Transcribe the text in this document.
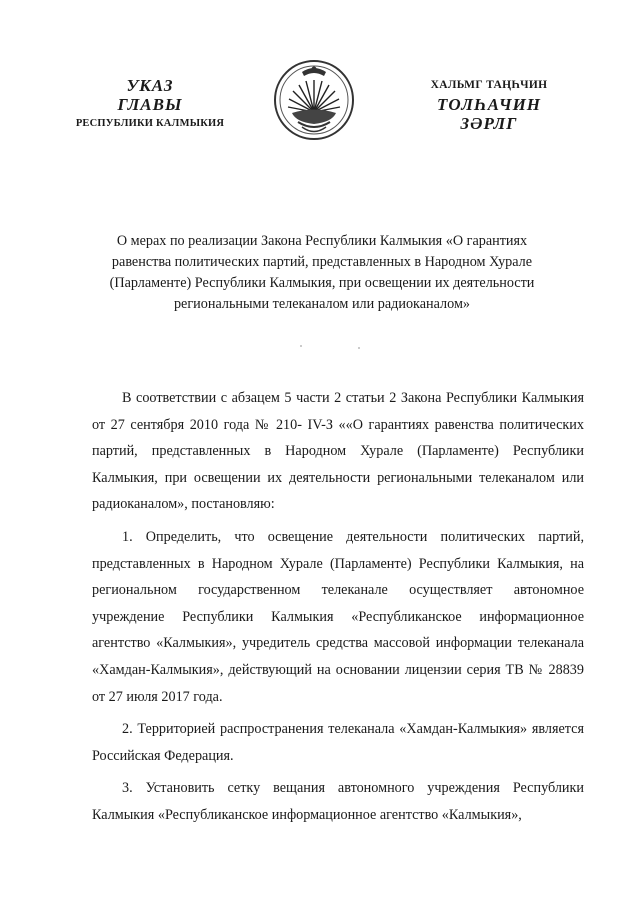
УКАЗ
ГЛАВЫ
РЕСПУБЛИКИ КАЛМЫКИЯ
ХАЛЬМГ ТАҢҺЧИН
ТОЛҺАЧИН
ЗӘРЛГ
О мерах по реализации Закона Республики Калмыкия «О гарантиях
равенства политических партий, представленных в Народном Хурале
(Парламенте) Республики Калмыкия, при освещении их деятельности
региональными телеканалом или радиоканалом»

В соответствии с абзацем 5 части 2 статьи 2 Закона Республики Калмыкия от 27 сентября 2010 года № 210- IV-З ««О гарантиях равенства политических партий, представленных в Народном Хурале (Парламенте) Республики Калмыкия, при освещении их деятельности региональными телеканалом или радиоканалом», постановляю:

1. Определить, что освещение деятельности политических партий, представленных в Народном Хурале (Парламенте) Республики Калмыкия, на региональном государственном телеканале осуществляет автономное учреждение Республики Калмыкия «Республиканское информационное агентство «Калмыкия», учредитель средства массовой информации телеканала «Хамдан-Калмыкия», действующий на основании лицензии серия ТВ № 28839 от 27 июля 2017 года.

2. Территорией распространения телеканала «Хамдан-Калмыкия» является Российская Федерация.

3. Установить сетку вещания автономного учреждения Республики Калмыкия «Республиканское информационное агентство «Калмыкия»,
